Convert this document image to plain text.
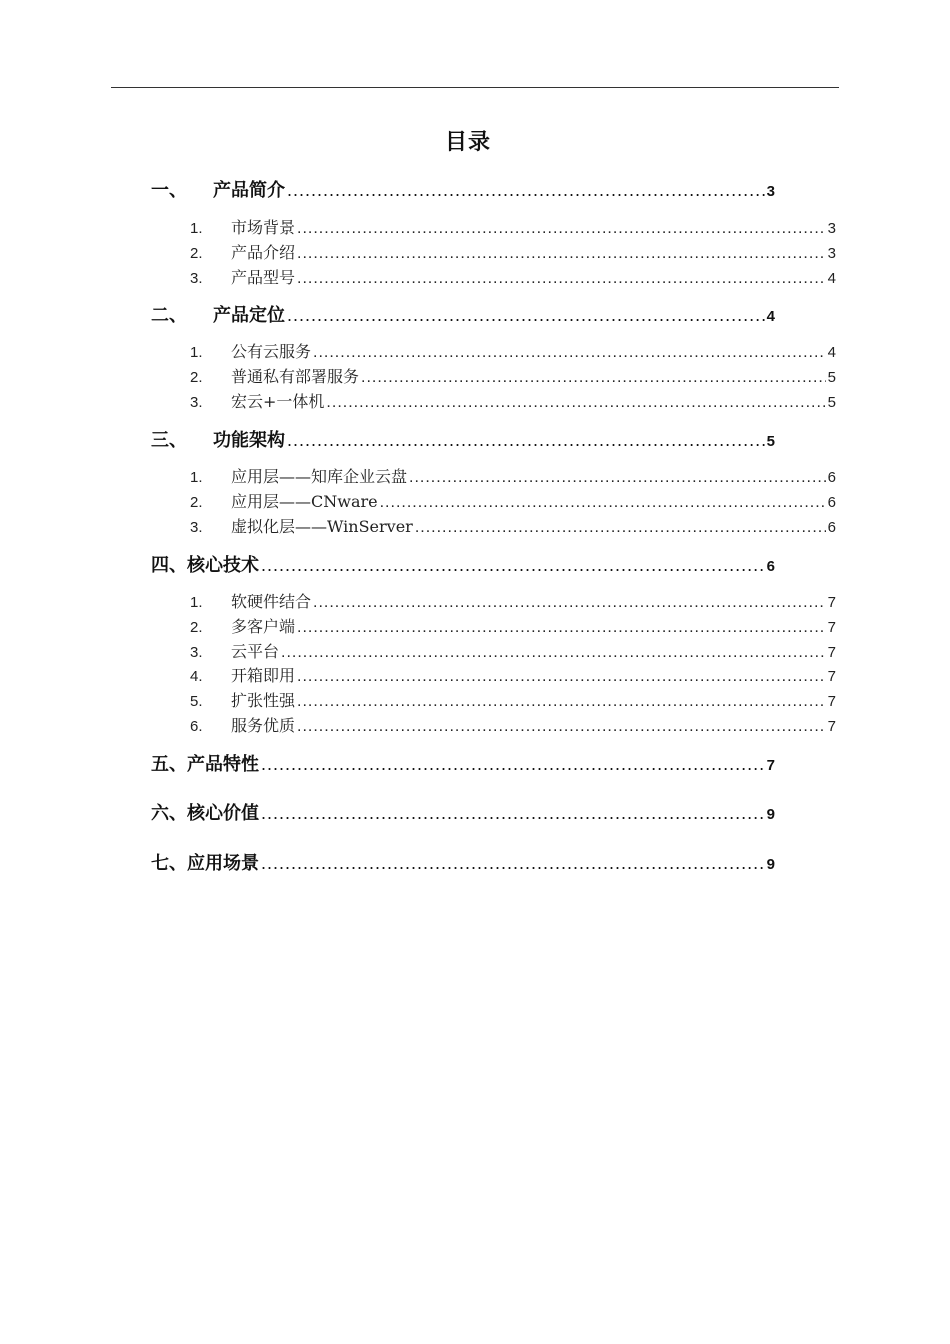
目录
一、	产品简介 .....	3
1.	市场背景 .....	3
2.	产品介绍 .....	3
3.	产品型号 .....	4
二、	产品定位 .....	4
1.	公有云服务 .....	4
2.	普通私有部署服务 .....	5
3.	宏云+一体机 .....	5
三、	功能架构 .....	5
1.	应用层——知库企业云盘 .....	6
2.	应用层——CNware .....	6
3.	虚拟化层——WinServer .....	6
四、 核心技术 .....	6
1.	软硬件结合 .....	7
2.	多客户端 .....	7
3.	云平台 .....	7
4.	开箱即用 .....	7
5.	扩张性强 .....	7
6.	服务优质 .....	7
五、 产品特性 .....	7
六、 核心价值 .....	9
七、 应用场景 .....	9
